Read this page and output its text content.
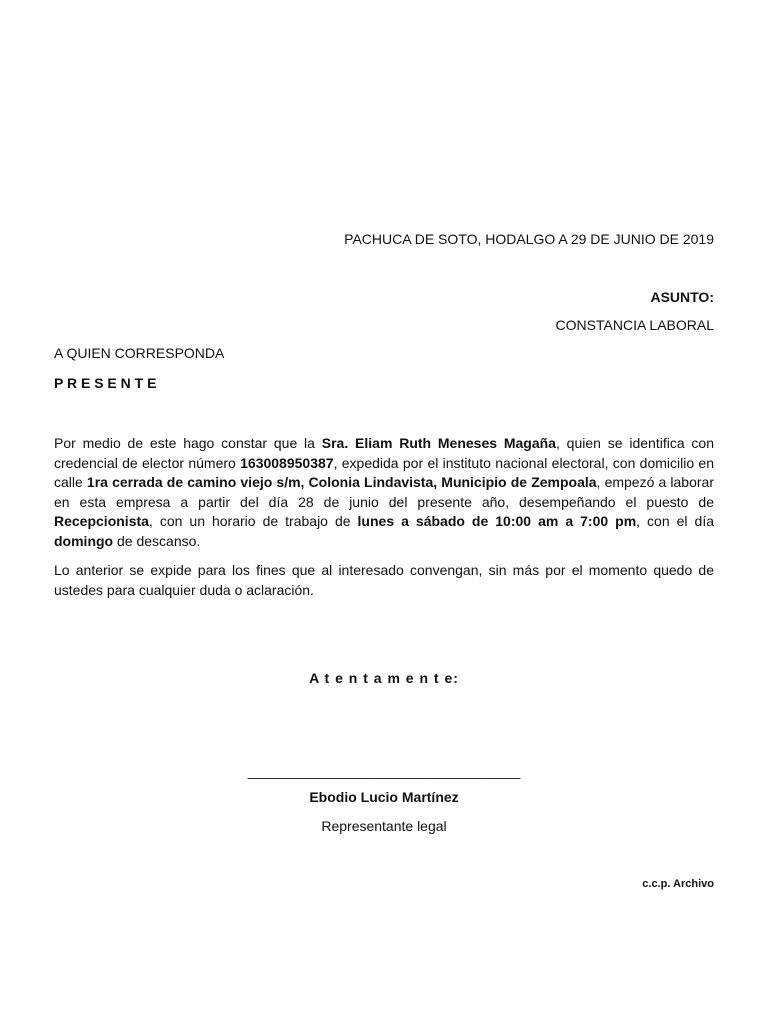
PACHUCA DE SOTO, HODALGO A 29 DE JUNIO DE 2019
ASUNTO:
CONSTANCIA LABORAL
A QUIEN CORRESPONDA
P R E S E N T E
Por medio de este hago constar que la Sra. Eliam Ruth Meneses Magaña, quien se identifica con credencial de elector número 163008950387, expedida por el instituto nacional electoral, con domicilio en calle 1ra cerrada de camino viejo s/m, Colonia Lindavista, Municipio de Zempoala, empezó a laborar en esta empresa a partir del día 28 de junio del presente año, desempeñando el puesto de Recepcionista, con un horario de trabajo de lunes a sábado de 10:00 am a 7:00 pm, con el día domingo de descanso.
Lo anterior se expide para los fines que al interesado convengan, sin más por el momento quedo de ustedes para cualquier duda o aclaración.
A t e n t a m e n t e:
___________________________________
Ebodio Lucio Martínez
Representante legal
c.c.p. Archivo
